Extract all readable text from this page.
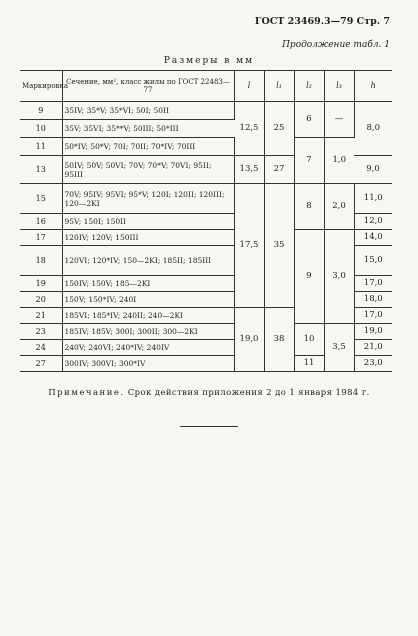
ГОСТ 23469.3—79 Стр. 7
Продолжение табл. 1
Размеры в мм
Маркировка	Сечение, мм², класс жилы по ГОСТ 22483—77	l	l₁	l₂	l₃	h
9	35IV; 35*V; 35*VI; 50I; 50II	12,5	25	6	—	8,0
10	35V; 35VI; 35**V; 50III; 50*III					
11	50*IV; 50*V; 70I; 70II; 70*IV; 70III			7	1,0	
13	50IV; 50V; 50VI; 70V; 70*V; 70VI; 95II; 95III	13,5	27			9,0
15	70V; 95IV; 95VI; 95*V; 120I; 120II; 120III; 120—2KI	17,5	35	8	2,0	11,0
16	95V; 150I; 150II					12,0
17	120IV; 120V; 150III			9	3,0	14,0
18	120VI; 120*IV; 150—2KI; 185II; 185III					15,0
19	150IV; 150V; 185—2KI					17,0
20	150V; 150*IV; 240I					18,0
21	185VI; 185*IV; 240II; 240—2KI	19,0	38			17,0
23	185IV; 185V; 300I; 300II; 300—2KI			10	3,5	19,0
24	240V; 240VI; 240*IV; 240IV					21,0
27	300IV; 300VI; 300*IV			11		23,0
Примечание. Срок действия приложения 2 до 1 января 1984 г.
